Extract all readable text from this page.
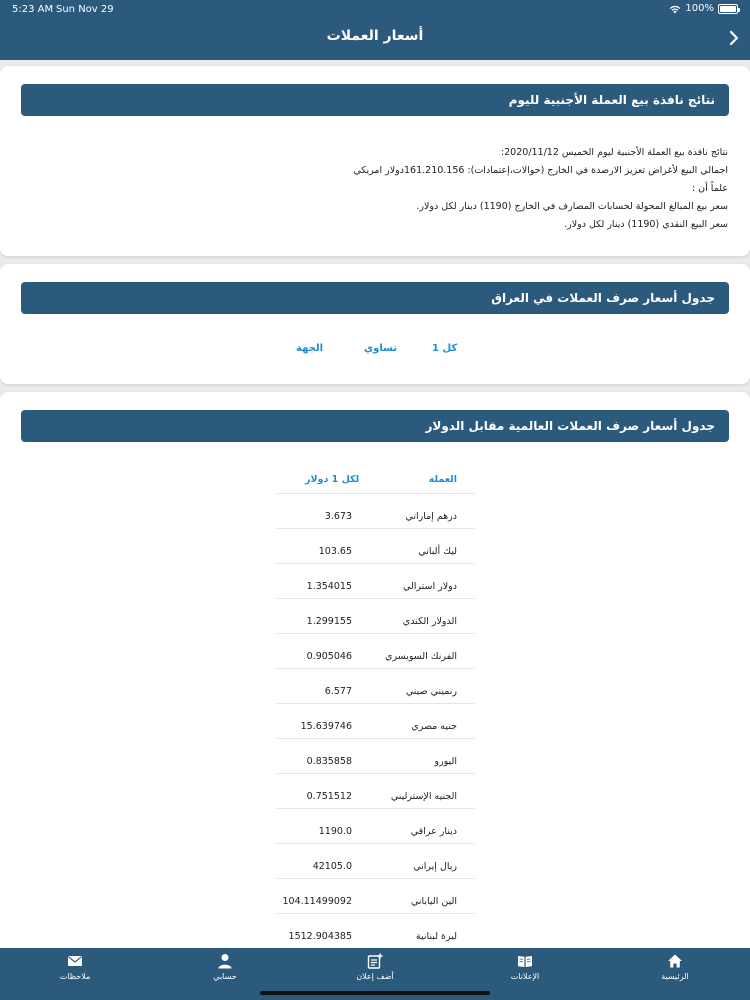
5:23 AM Sun Nov 29	100%
أسعار العملات
نتائج نافذة بيع العملة الأجنبية لليوم
نتائج نافذة بيع العملة الأجنبية ليوم الخميس 2020/11/12:
اجمالي البيع لأغراض تعزيز الارصدة في الخارج (حوالات،إعتمادات): 161.210.156دولار امريكي
علماً أن :
سعر بيع المبالغ المحولة لحسابات المصارف في الخارج (1190) دينار لكل دولار.
سعر البيع النقدي (1190) دينار لكل دولار.
جدول أسعار صرف العملات في العراق
كل 1
تساوي
الجهة
جدول أسعار صرف العملات العالمية مقابل الدولار
العملة
لكل 1 دولار
درهم إماراتي
3.673
ليك ألباني
103.65
دولار استرالي
1.354015
الدولار الكندي
1.299155
الفرنك السويسري
0.905046
رنميني صيني
6.577
جنيه مصري
15.639746
اليورو
0.835858
الجنيه الإسترليني
0.751512
دينار عراقي
1190.0
ريال إيراني
42105.0
الين الياباني
104.11499092
ليرة لبنانية
1512.904385
الرئيسية
الإعلانات
أضف إعلان
حسابي
ملاحظات
